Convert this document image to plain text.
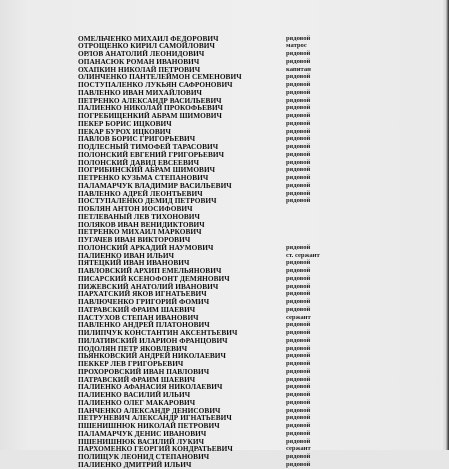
ОМЕЛЬЧЕНКО МИХАИЛ ФЕДОРОВИЧ	рядовой
ОТРОЩЕНКО КИРИЛ САМОЙЛОВИЧ	матрос
ОРЛОВ АНАТОЛИЙ ЛЕОНИДОВИЧ	рядовой
ОПАНАСЮК РОМАН ИВАНОВИЧ	рядовой
ОХАПКИН НИКОЛАЙ ПЕТРОВИЧ	капитан
ОЛИНЧЕНКО ПАНТЕЛЕЙМОН СЕМЕНОВИЧ	рядовой
ПОСТУПАЛЕНКО ЛУКЬЯН САФРОНОВИЧ	рядовой
ПАВЛЕНКО ИВАН МИХАЙЛОВИЧ	рядовой
ПЕТРЕНКО АЛЕКСАНДР ВАСИЛЬЕВИЧ	рядовой
ПАЛИЕНКО НИКОЛАЙ ПРОКОФЬЕВИЧ	рядовой
ПОГРЕБИЩЕНКИЙ АБРАМ ШИМОВИЧ	рядовой
ПЕКЕР БОРИС ИЦКОВИЧ	рядовой
ПЕКАР БУРОХ ИЦКОВИЧ	рядовой
ПАВЛОВ БОРИС ГРИГОРЬЕВИЧ	рядовой
ПОДЛЕСНЫЙ ТИМОФЕЙ ТАРАСОВИЧ	рядовой
ПОЛОНСКИЙ ЕВГЕНИЙ ГРИГОРЬЕВИЧ	рядовой
ПОЛОНСКИЙ ДАВИД ЕВСЕЕВИЧ	рядовой
ПОГРИБИНСКИЙ АБРАМ ШИМОВИЧ	рядовой
ПЕТРЕНКО КУЗЬМА СТЕПАНОВИЧ	рядовой
ПАЛАМАРЧУК ВЛАДИМИР ВАСИЛЬЕВИЧ	рядовой
ПАВЛЕНКО АДРЕЙ ЛЕОНТЬЕВИЧ	рядовой
ПОСТУПАЛЕНКО ДЕМИД ПЕТРОВИЧ	рядовой
ПОБЛЯН АНТОН ИОСИФОВИЧ
ПЕТЛЕВАНЫЙ ЛЕВ ТИХОНОВИЧ
ПОЛЯКОВ ИВАН ВЕНИДИКТОВИЧ
ПЕТРЕНКО МИХАИЛ МАРКОВИЧ
ПУГАЧЕВ ИВАН ВИКТОРОВИЧ
ПОЛОНСКИЙ АРКАДИЙ НАУМОВИЧ	рядовой
ПАЛИЕНКО ИВАН ИЛЬИЧ	ст. сержант
ПЯТЕЦКИЙ ИВАН ИВАНОВИЧ	рядовой
ПАВЛОВСКИЙ АРХИП ЕМЕЛЬЯНОВИЧ	рядовой
ПИСАРСКИЙ КСЕНОФОНТ ДЕМЯНОВИЧ	рядовой
ПИЖЕВСКИЙ АНАТОЛИЙ ИВАНОВИЧ	рядовой
ПАРХАТСКИЙ ЯКОВ ИГНАТЬЕВИЧ	рядовой
ПАВЛЮЧЕНКО ГРИГОРИЙ ФОМИЧ	рядовой
ПАТРАВСКИЙ ФРАИМ ШАЕВИЧ	рядовой
ПАСТУХОВ СТЕПАН ИВАНОВИЧ	сержант
ПАВЛЕНКО АНДРЕЙ ПЛАТОНОВИЧ	рядовой
ПИЛИПЧУК КОНСТАНТИН АКСЕНТЬЕВИЧ	рядовой
ПИЛАТИВСКИЙ ИЛАРИОН ФРАНЦОВИЧ	рядовой
ПОДОЛЯН ПЕТР ЯКОВЛЕВИЧ	рядовой
ПЬЯНКОВСКИЙ АНДРЕЙ НИКОЛАЕВИЧ	рядовой
ПЕККЕР ЛЕВ ГРИГОРЬЕВИЧ	рядовой
ПРОХОРОВСКИЙ ИВАН ПАВЛОВИЧ	рядовой
ПАТРАВСКИЙ ФРАИМ ШАЕВИЧ	рядовой
ПАЛИЕНКО АФАНАСИЯ НИКОЛАЕВИЧ	рядовой
ПАЛИЕНКО ВАСИЛИЙ ИЛЬИЧ	рядовой
ПАЛИЕНКО ОЛЕГ МАКАРОВИЧ	рядовой
ПАНЧЕНКО АЛЕКСАНДР ДЕНИСОВИЧ	рядовой
ПЕТРУНЕВИЧ АЛЕКСАНДР ИГНАТЬЕВИЧ	рядовой
ПШЕНИШНЮК НИКОЛАЙ ПЕТРОВИЧ	рядовой
ПАЛАМАРЧУК ДЕНИС ИВАНОВИЧ	рядовой
ПШЕНИШНЮК ВАСИЛИЙ ЛУКИЧ	рядовой
ПАРХОМЕНКО ГЕОРГИЙ КОНДРАТЬЕВИЧ	сержант
ПОЛИЩУК ЛЕОНИД СТЕПАНОВИЧ	рядовой
ПАЛИЕНКО ДМИТРИЙ ИЛЬИЧ	рядовой
